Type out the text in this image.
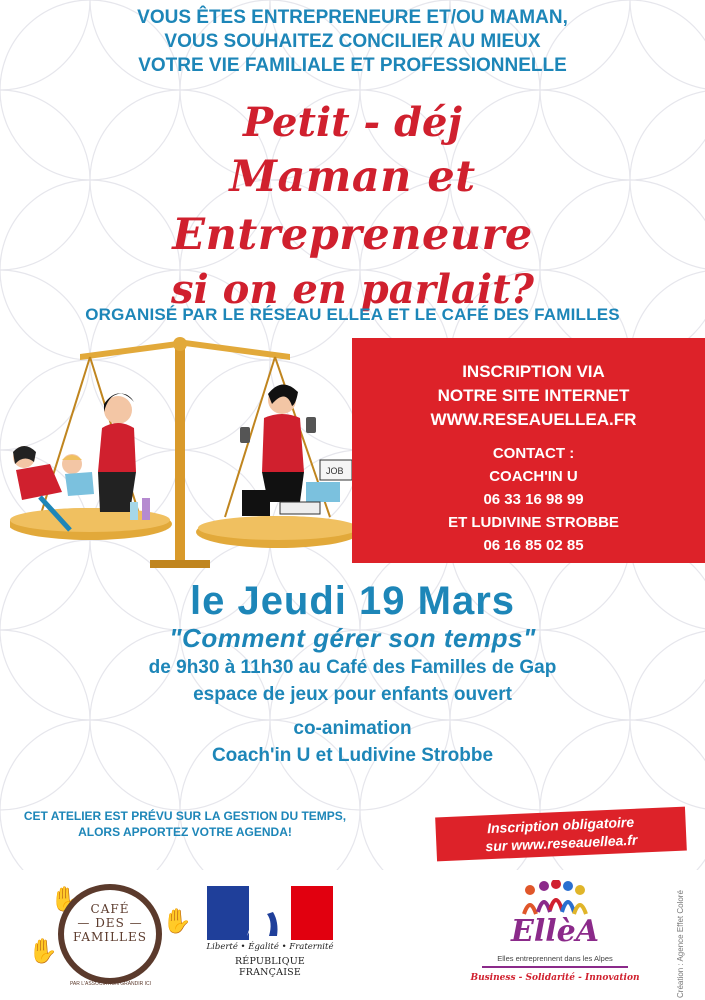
VOUS ÊTES ENTREPRENEURE ET/OU MAMAN,
VOUS SOUHAITEZ CONCILIER AU MIEUX
VOTRE VIE FAMILIALE ET PROFESSIONNELLE
Petit - déj
Maman et Entrepreneure
si on en parlait?
ORGANISÉ PAR LE RÉSEAU ELLEA ET LE CAFÉ DES FAMILLES
JOB
INSCRIPTION VIA
NOTRE SITE INTERNET
WWW.RESEAUELLEA.FR
CONTACT :
COACH'IN U
06 33 16 98 99
ET LUDIVINE STROBBE
06 16 85 02 85
le Jeudi 19 Mars
"Comment gérer son temps"
de 9h30 à 11h30 au Café des Familles de Gap
espace de jeux pour enfants ouvert
co-animation
Coach'in U et Ludivine Strobbe
CET ATELIER EST PRÉVU SUR LA GESTION DU TEMPS,
ALORS APPORTEZ VOTRE AGENDA!	Inscription obligatoire
sur www.reseauellea.fr
✋
✋
✋
CAFÉ
— DES —
FAMILLES
PAR L'ASSOCIATION GRANDIR ICI
Liberté • Égalité • Fraternité
RÉPUBLIQUE FRANÇAISE
EllèA
Elles entreprennent dans les Alpes
Business - Solidarité - Innovation	Création : Agence Effet Coloré
